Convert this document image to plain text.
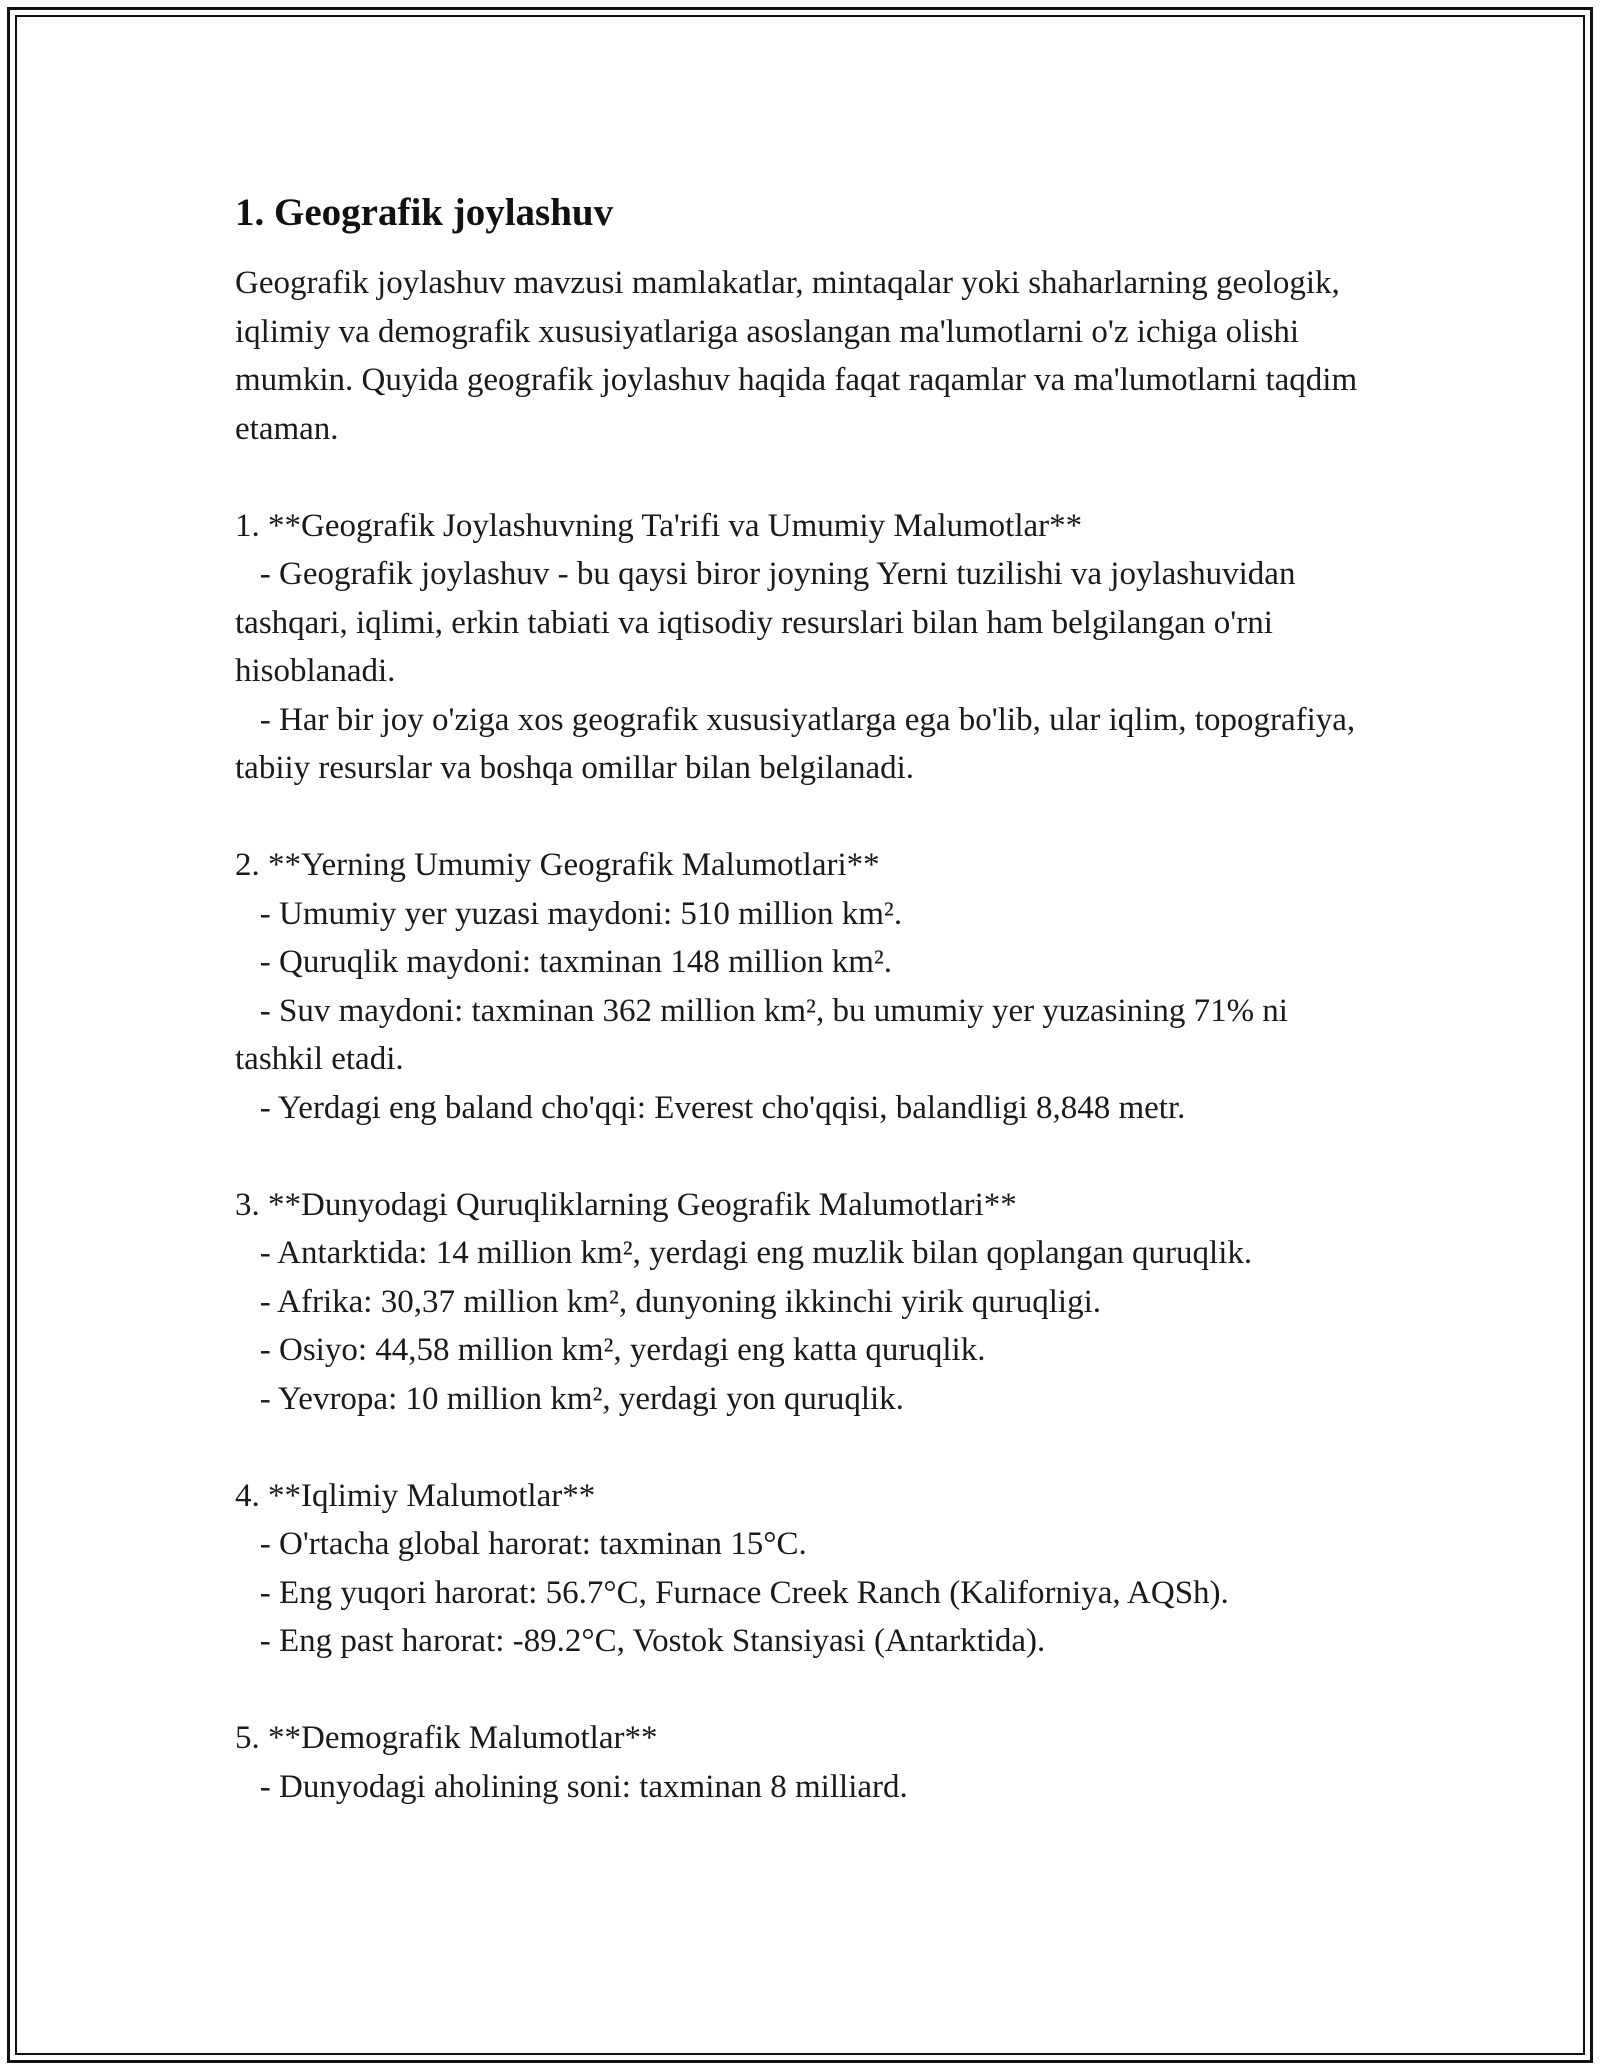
1. Geografik joylashuv

Geografik joylashuv mavzusi mamlakatlar, mintaqalar yoki shaharlarning geologik, iqlimiy va demografik xususiyatlariga asoslangan ma'lumotlarni o'z ichiga olishi mumkin. Quyida geografik joylashuv haqida faqat raqamlar va ma'lumotlarni taqdim etaman.

1. **Geografik Joylashuvning Ta'rifi va Umumiy Malumotlar**

- Geografik joylashuv - bu qaysi biror joyning Yerni tuzilishi va joylashuvidan tashqari, iqlimi, erkin tabiati va iqtisodiy resurslari bilan ham belgilangan o'rni hisoblanadi.

- Har bir joy o'ziga xos geografik xususiyatlarga ega bo'lib, ular iqlim, topografiya, tabiiy resurslar va boshqa omillar bilan belgilanadi.

2. **Yerning Umumiy Geografik Malumotlari**

- Umumiy yer yuzasi maydoni: 510 million km².

- Quruqlik maydoni: taxminan 148 million km².

- Suv maydoni: taxminan 362 million km², bu umumiy yer yuzasining 71% ni tashkil etadi.

- Yerdagi eng baland cho'qqi: Everest cho'qqisi, balandligi 8,848 metr.

3. **Dunyodagi Quruqliklarning Geografik Malumotlari**

- Antarktida: 14 million km², yerdagi eng muzlik bilan qoplangan quruqlik.

- Afrika: 30,37 million km², dunyoning ikkinchi yirik quruqligi.

- Osiyo: 44,58 million km², yerdagi eng katta quruqlik.

- Yevropa: 10 million km², yerdagi yon quruqlik.

4. **Iqlimiy Malumotlar**

- O'rtacha global harorat: taxminan 15°C.

- Eng yuqori harorat: 56.7°C, Furnace Creek Ranch (Kaliforniya, AQSh).

- Eng past harorat: -89.2°C, Vostok Stansiyasi (Antarktida).

5. **Demografik Malumotlar**

- Dunyodagi aholining soni: taxminan 8 milliard.
